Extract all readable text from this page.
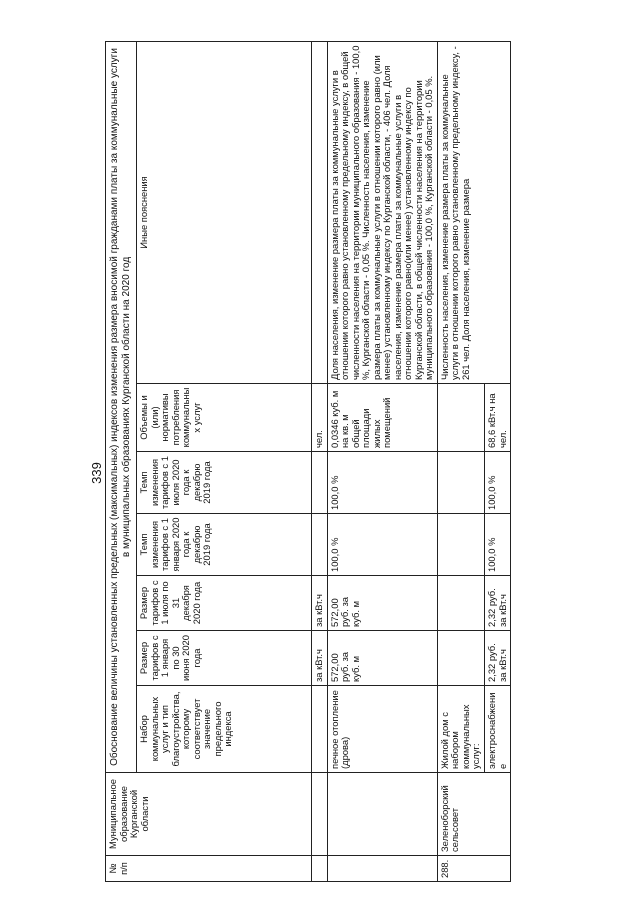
339
№ п/п	Муниципальное образование Курганской области	Обоснование величины установленных предельных (максимальных) индексов изменения размера вносимой гражданами платы за коммунальные услуги в муниципальных образованиях Курганской области на 2020 год						
		Набор коммунальных услуг и тип благоустройства, которому соответствует значение предельного индекса	Размер тарифов с 1 января по 30 июня 2020 года	Размер тарифов с 1 июля по 31 декабря 2020 года	Темп изменения тарифов с 1 января 2020 года к декабрю 2019 года	Темп изменения тарифов с 1 июля 2020 года к декабрю 2019 года	Объемы и (или) нормативы потребления коммунальных услуг	Иные пояснения
			за кВт.ч	за кВт.ч			чел.	
		печное отопление (дрова)	572,00 руб. за куб. м	572,00 руб. за куб. м	100,0 %	100,0 %	0,0346 куб. м на кв. м общей площади жилых помещений	Доля населения, изменение размера платы за коммунальные услуги в отношении которого равно установленному предельному индексу, в общей численности населения на территории муниципального образования - 100,0 %, Курганской области - 0,05 %. Численность населения, изменение размера платы за коммунальные услуги в отношении которого равно (или менее) установленному индексу по Курганской области, - 406 чел. Доля населения, изменение размера платы за коммунальные услуги в отношении которого равно(или менее) установленному индексу по Курганской области, в общей численности населения на территории муниципального образования - 100,0 %, Курганской области - 0,05 %.
288.	Зеленоборский сельсовет	Жилой дом с набором коммунальных услуг:						Численность населения, изменение размера платы за коммунальные услуги в отношении которого равно установленному предельному индексу, - 261 чел. Доля населения, изменение размера
		электроснабжение	2,32 руб. за кВт.ч	2,32 руб. за кВт.ч	100,0 %	100,0 %	68,6 кВт.ч на чел.	
